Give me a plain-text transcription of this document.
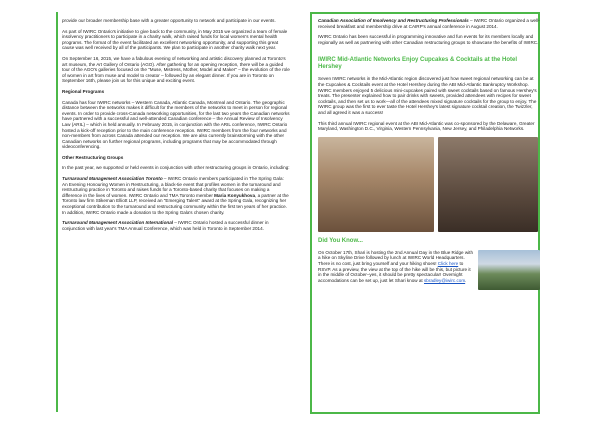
provide our broader membership base with a greater opportunity to network and participate in our events.

As part of IWIRC Ontario's initiative to give back to the community, in May 2015 we organized a team of female insolvency practitioners to participate in a charity walk, which raised funds for local women's mental health programs. The format of the event facilitated an excellent networking opportunity, and supporting this great cause was well received by all of the participants. We plan to participate in another charity walk next year.

On September 16, 2015, we have a fabulous evening of networking and artistic discovery planned at Toronto's art museum, the Art Gallery of Ontario (AGO). After gathering for an opening reception, there will be a guided tour of the AGO's galleries focused on the "Muse, Mistress, Mother, Model and Maker" – the evolution of the role of women in art from muse and model to creator – followed by an elegant dinner. If you are in Toronto on September 16th, please join us for this unique and exciting event.

Regional Programs

Canada has four IWIRC networks – Western Canada, Atlantic Canada, Montreal and Ontario. The geographic distance between the networks makes it difficult for the members of the networks to meet in person for regional events. In order to provide cross-Canada networking opportunities, for the last two years the Canadian networks have partnered with a successful and well-attended Canadian conference – the Annual Review of Insolvency Law (ARIL) – which is held annually. In February 2015, in conjunction with the ARIL conference, IWIRC Ontario hosted a kick-off reception prior to the main conference reception. IWIRC members from the four networks and non-members from across Canada attended our reception. We are also currently brainstorming with the other Canadian networks on further regional programs, including programs that may be accommodated through videoconferencing.

Other Restructuring Groups

In the past year, we supported or held events in conjunction with other restructuring groups in Ontario, including:

Turnaround Management Association Toronto – IWIRC Ontario members participated in The Spring Gala: An Evening Honouring Women in Restructuring, a black-tie event that profiles women in the turnaround and restructuring practice in Toronto and raises funds for a Toronto-based charity that focuses on making a difference in the lives of women. IWIRC Ontario and TMA Toronto member Maria Konyukhova, a partner at the Toronto law firm Stikeman Elliott LLP, received an "Emerging Talent" award at the Spring Gala, recognizing her exceptional contribution to the turnaround and restructuring community within the first ten years of her practice. In addition, IWIRC Ontario made a donation to the Spring Gala's chosen charity.

Turnaround Management Association International – IWIRC Ontario hosted a successful dinner in conjunction with last year's TMA Annual Conference, which was held in Toronto in September 2014.

Canadian Association of Insolvency and Restructuring Professionals – IWIRC Ontario organized a well-received breakfast and membership drive at CAIRP's annual conference in August 2014.

IWIRC Ontario has been successful in programming innovative and fun events for its members locally and regionally as well as partnering with other Canadian restructuring groups to showcase the benefits of IWIRC.

IWIRC Mid-Atlantic Networks Enjoy Cupcakes & Cocktails at the Hotel Hershey

Seven IWIRC networks in the Mid-Atlantic region discovered just how sweet regional networking can be at the Cupcakes & Cocktails event at the Hotel Hershey during the ABI Mid-Atlantic Bankruptcy Workshop. IWIRC members enjoyed 5 delicious mini-cupcakes paired with sweet cocktails based on famous Hershey's treats. The presenter explained how to pair drinks with sweets, provided attendees with recipes for sweet cocktails, and then set us to work—all of the attendees mixed signature cocktails for the group to enjoy. The IWIRC group was the first to ever taste the Hotel Hershey's latest signature cocktail creation, the Twizzler, and all agreed it was a success!

This third annual IWIRC regional event at the ABI Mid-Atlantic was co-sponsored by the Delaware, Greater Maryland, Washington D.C., Virginia, Western Pennsylvania, New Jersey, and Philadelphia Networks.

Did You Know...

On October 17th, Shari is hosting the 2nd Annual Day in the Blue Ridge with a hike on Skyline Drive followed by lunch at IWIRC World Headquarters. There is no cost, just bring yourself and your hiking shoes! Click here to RSVP. As a preview, the view at the top of the hike will be this, but picture it in the middle of October–yes, it should be pretty spectacular! Overnight accomodations can be set up, just let Shari know at sbradley@iwirc.com.
